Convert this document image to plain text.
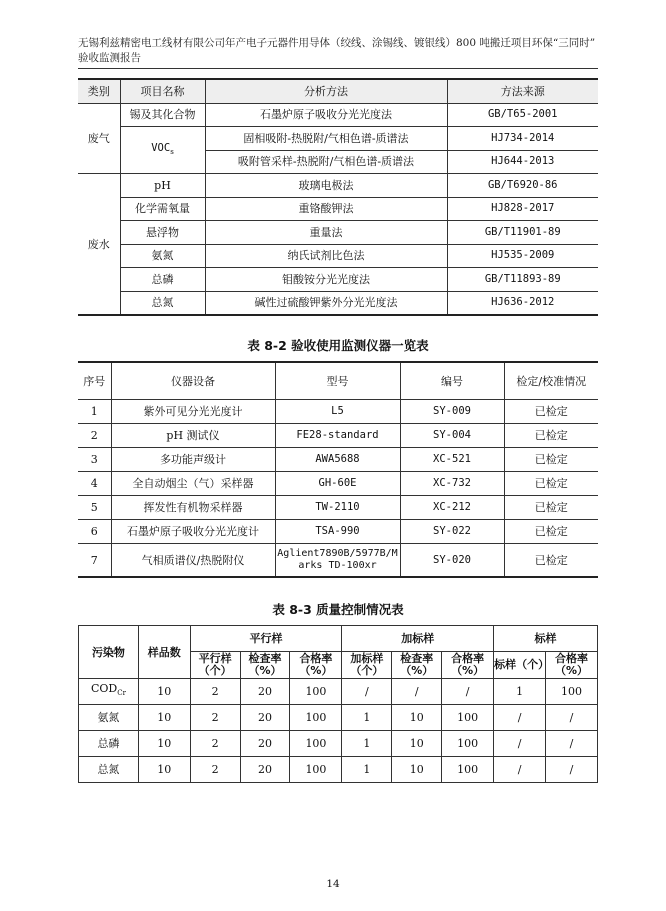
无锡利兹精密电工线材有限公司年产电子元器件用导体（绞线、涂锡线、镀银线）800 吨搬迁项目环保“三同时”
验收监测报告
类别	项目名称	分析方法	方法来源
废气	锡及其化合物	石墨炉原子吸收分光光度法	GB/T65-2001
	$VOC_s$	固相吸附-热脱附/气相色谱-质谱法	HJ734-2014
		吸附管采样-热脱附/气相色谱-质谱法	HJ644-2013
废水	pH	玻璃电极法	GB/T6920-86
	化学需氧量	重铬酸钾法	HJ828-2017
	悬浮物	重量法	GB/T11901-89
	氨氮	纳氏试剂比色法	HJ535-2009
	总磷	钼酸铵分光光度法	GB/T11893-89
	总氮	碱性过硫酸钾紫外分光光度法	HJ636-2012
表 8-2 验收使用监测仪器一览表
序号	仪器设备	型号	编号	检定/校准情况
1	紫外可见分光光度计	L5	SY-009	已检定
2	pH 测试仪	FE28-standard	SY-004	已检定
3	多功能声级计	AWA5688	XC-521	已检定
4	全自动烟尘（气）采样器	GH-60E	XC-732	已检定
5	挥发性有机物采样器	TW-2110	XC-212	已检定
6	石墨炉原子吸收分光光度计	TSA-990	SY-022	已检定
7	气相质谱仪/热脱附仪	Aglient7890B/5977B/Marks TD-100xr	SY-020	已检定
表 8-3 质量控制情况表
污染物	样品数	平行样			加标样			标样	
		平行样（个）	检查率（%）	合格率（%）	加标样（个）	检查率（%）	合格率（%）	标样（个）	合格率（%）
$COD_{Cr}$	10	2	20	100	/	/	/	1	100
氨氮	10	2	20	100	1	10	100	/	/
总磷	10	2	20	100	1	10	100	/	/
总氮	10	2	20	100	1	10	100	/	/
14
